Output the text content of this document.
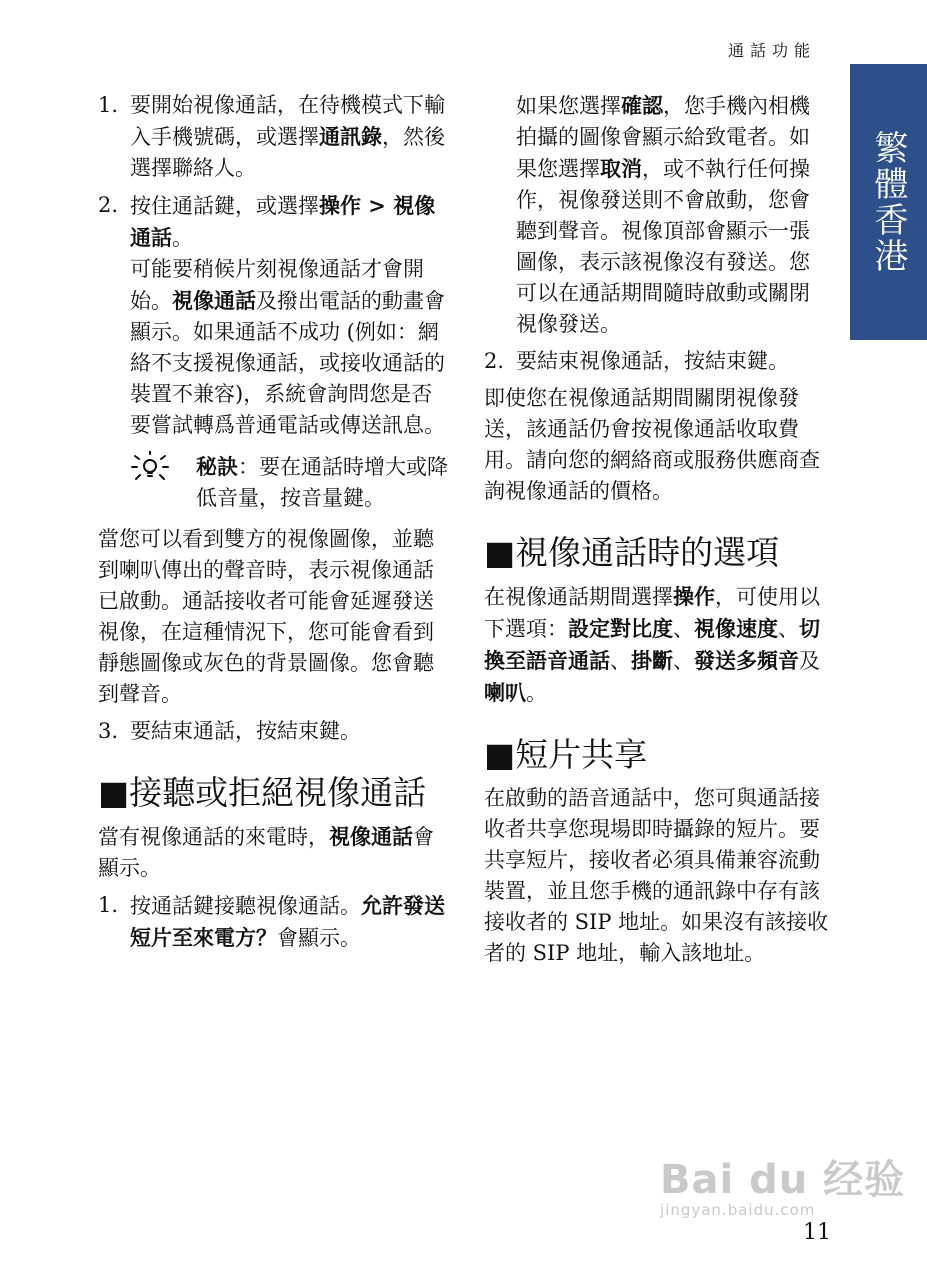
通話功能
繁體香港
1. 要開始視像通話，在待機模式下輸入手機號碼，或選擇通訊錄，然後選擇聯絡人。

2. 按住通話鍵，或選擇操作 > 視像通話。

可能要稍候片刻視像通話才會開始。視像通話及撥出電話的動畫會顯示。如果通話不成功 (例如：網絡不支援視像通話，或接收通話的裝置不兼容)，系統會詢問您是否要嘗試轉爲普通電話或傳送訊息。

秘訣：要在通話時增大或降低音量，按音量鍵。

當您可以看到雙方的視像圖像，並聽到喇叭傳出的聲音時，表示視像通話已啟動。通話接收者可能會延遲發送視像，在這種情況下，您可能會看到靜態圖像或灰色的背景圖像。您會聽到聲音。

3. 要結束通話，按結束鍵。

■接聽或拒絕視像通話

當有視像通話的來電時，視像通話會顯示。

1. 按通話鍵接聽視像通話。允許發送短片至來電方？會顯示。

如果您選擇確認，您手機內相機拍攝的圖像會顯示給致電者。如果您選擇取消，或不執行任何操作，視像發送則不會啟動，您會聽到聲音。視像頂部會顯示一張圖像，表示該視像沒有發送。您可以在通話期間隨時啟動或關閉視像發送。

2. 要結束視像通話，按結束鍵。

即使您在視像通話期間關閉視像發送，該通話仍會按視像通話收取費用。請向您的網絡商或服務供應商查詢視像通話的價格。

■視像通話時的選項

在視像通話期間選擇操作，可使用以下選項：設定對比度、視像速度、切換至語音通話、掛斷、發送多頻音及喇叭。

■短片共享

在啟動的語音通話中，您可與通話接收者共享您現場即時攝錄的短片。要共享短片，接收者必須具備兼容流動裝置，並且您手機的通訊錄中存有該接收者的 SIP 地址。如果沒有該接收者的 SIP 地址，輸入該地址。

Bai du 经验
jingyan.baidu.com
11
